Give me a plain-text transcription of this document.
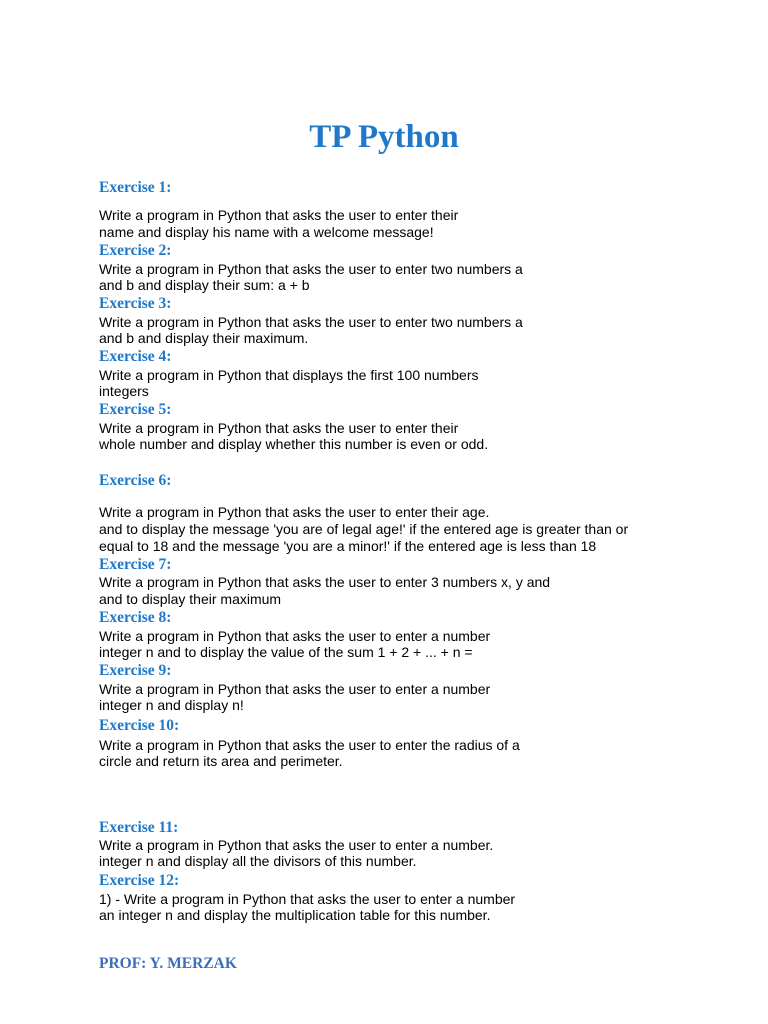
TP Python

Exercise 1:

Write a program in Python that asks the user to enter their

name and display his name with a welcome message!

Exercise 2:

Write a program in Python that asks the user to enter two numbers a

and b and display their sum: a + b

Exercise 3:

Write a program in Python that asks the user to enter two numbers a

and b and display their maximum.

Exercise 4:

Write a program in Python that displays the first 100 numbers

integers

Exercise 5:

Write a program in Python that asks the user to enter their

whole number and display whether this number is even or odd.

Exercise 6:

Write a program in Python that asks the user to enter their age.

and to display the message 'you are of legal age!' if the entered age is greater than or

equal to 18 and the message 'you are a minor!' if the entered age is less than 18

Exercise 7:

Write a program in Python that asks the user to enter 3 numbers x, y and

and to display their maximum

Exercise 8:

Write a program in Python that asks the user to enter a number

integer n and to display the value of the sum 1 + 2 + ... + n =

Exercise 9:

Write a program in Python that asks the user to enter a number

integer n and display n!

Exercise 10:

Write a program in Python that asks the user to enter the radius of a

circle and return its area and perimeter.

Exercise 11:

Write a program in Python that asks the user to enter a number.

integer n and display all the divisors of this number.

Exercise 12:

1) - Write a program in Python that asks the user to enter a number

an integer n and display the multiplication table for this number.

PROF: Y. MERZAK
